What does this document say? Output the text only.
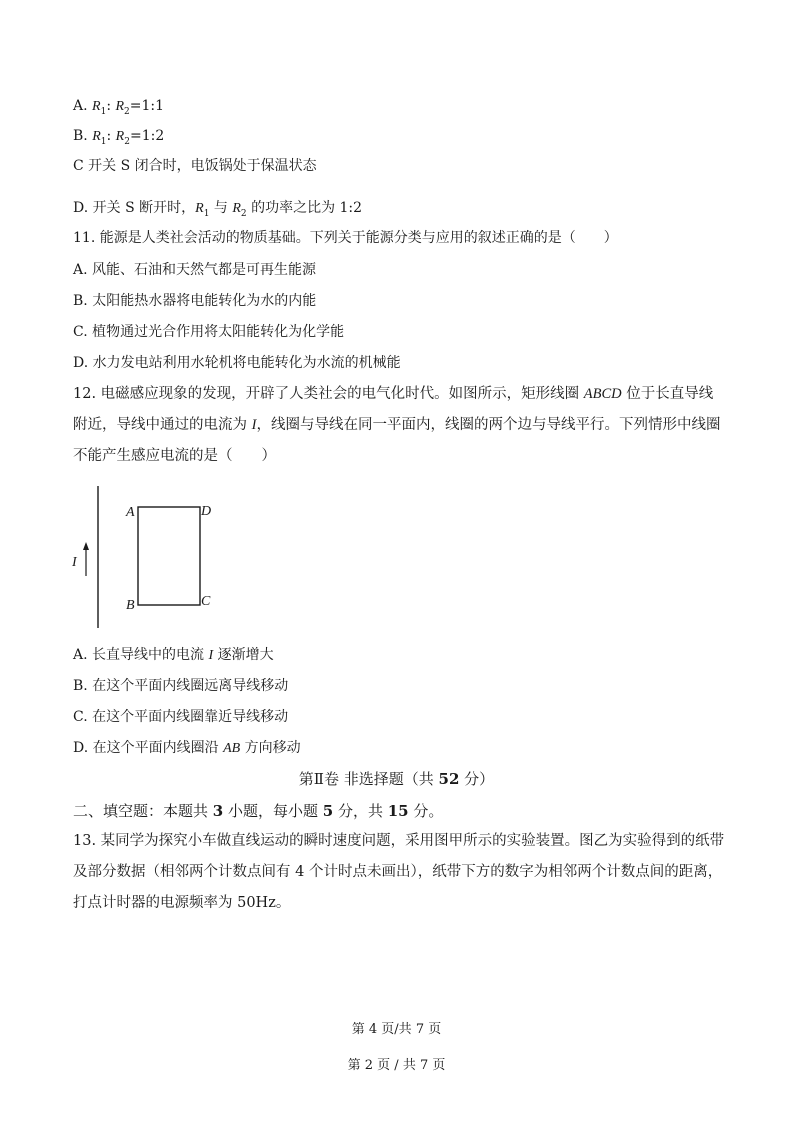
A. $R_1$: $R_2=1:1$
B. $R_1$: $R_2=1:2$
C 开关 S 闭合时，电饭锅处于保温状态
D. 开关 S 断开时，$R_1$ 与 $R_2$ 的功率之比为 1:2
11. 能源是人类社会活动的物质基础。下列关于能源分类与应用的叙述正确的是（　　）
A. 风能、石油和天然气都是可再生能源
B. 太阳能热水器将电能转化为水的内能
C. 植物通过光合作用将太阳能转化为化学能
D. 水力发电站利用水轮机将电能转化为水流的机械能
12. 电磁感应现象的发现，开辟了人类社会的电气化时代。如图所示，矩形线圈 ABCD 位于长直导线附近，导线中通过的电流为 I，线圈与导线在同一平面内，线圈的两个边与导线平行。下列情形中线圈不能产生感应电流的是（　　）
I
A	D
B	C
A. 长直导线中的电流 I 逐渐增大
B. 在这个平面内线圈远离导线移动
C. 在这个平面内线圈靠近导线移动
D. 在这个平面内线圈沿 AB 方向移动
第Ⅱ卷 非选择题（共 52 分）
二、填空题：本题共 3 小题，每小题 5 分，共 15 分。
13. 某同学为探究小车做直线运动的瞬时速度问题，采用图甲所示的实验装置。图乙为实验得到的纸带及部分数据（相邻两个计数点间有 4 个计时点未画出），纸带下方的数字为相邻两个计数点间的距离，打点计时器的电源频率为 50Hz。
第 4 页/共 7 页
第 2 页 / 共 7 页
